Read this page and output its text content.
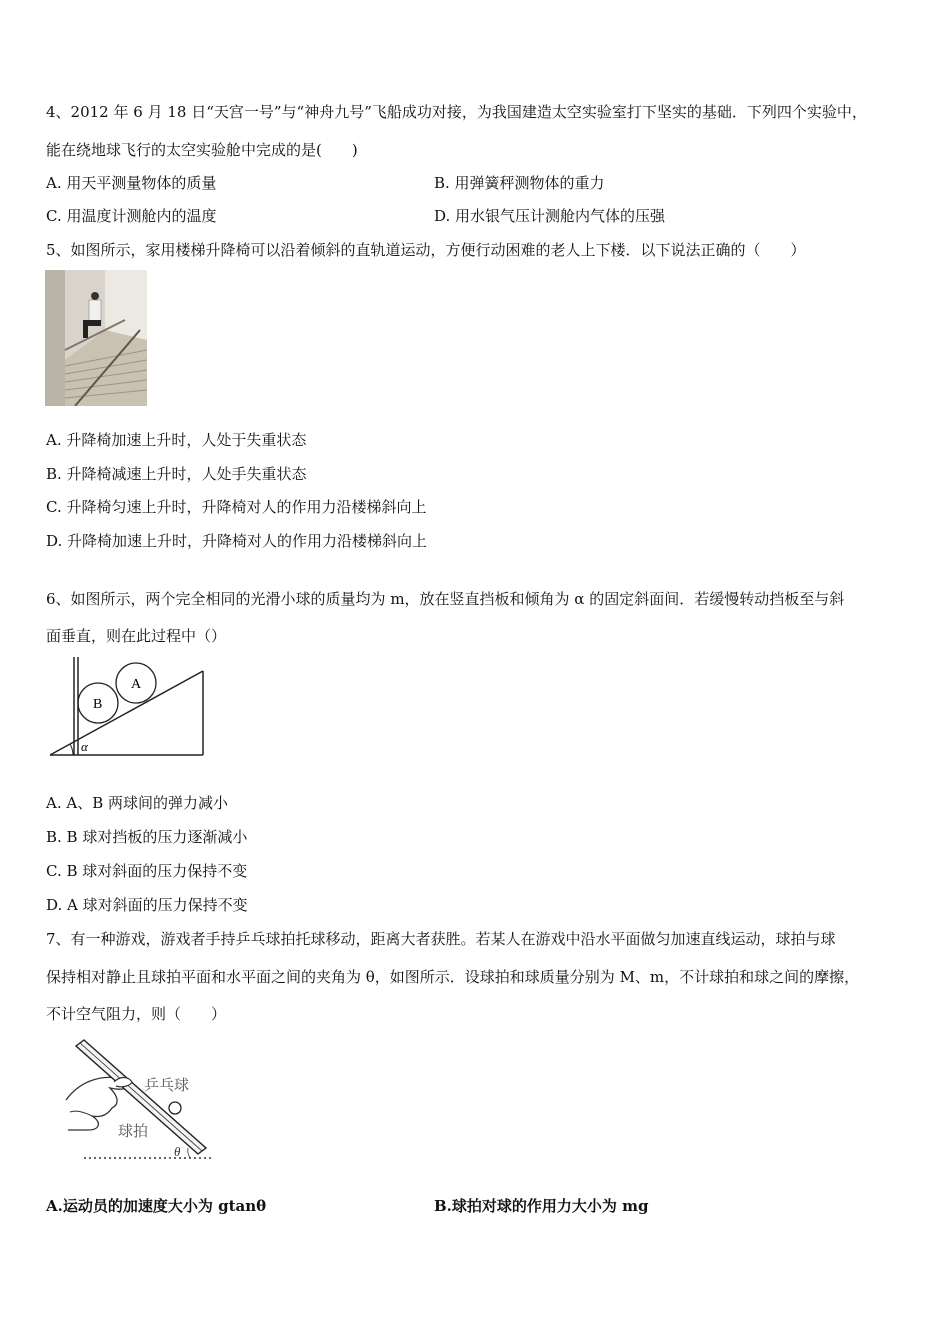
4、2012 年 6 月 18 日“天宫一号”与“神舟九号”飞船成功对接，为我国建造太空实验室打下坚实的基础．下列四个实验中，
能在绕地球飞行的太空实验舱中完成的是(　　)
A. 用天平测量物体的质量	B. 用弹簧秤测物体的重力
C. 用温度计测舱内的温度	D. 用水银气压计测舱内气体的压强
5、如图所示，家用楼梯升降椅可以沿着倾斜的直轨道运动，方便行动困难的老人上下楼．以下说法正确的（　　）
A. 升降椅加速上升时，人处于失重状态
B. 升降椅减速上升时，人处手失重状态
C. 升降椅匀速上升时，升降椅对人的作用力沿楼梯斜向上
D. 升降椅加速上升时，升降椅对人的作用力沿楼梯斜向上
6、如图所示，两个完全相同的光滑小球的质量均为 m，放在竖直挡板和倾角为 α 的固定斜面间．若缓慢转动挡板至与斜
面垂直，则在此过程中（）
B
A
α
A. A、B 两球间的弹力减小
B. B 球对挡板的压力逐渐减小
C. B 球对斜面的压力保持不变
D. A 球对斜面的压力保持不变
7、有一种游戏，游戏者手持乒乓球拍托球移动，距离大者获胜。若某人在游戏中沿水平面做匀加速直线运动，球拍与球
保持相对静止且球拍平面和水平面之间的夹角为 θ，如图所示．设球拍和球质量分别为 M、m，不计球拍和球之间的摩擦，
不计空气阻力，则（　　）
乒乓球
球拍
θ
A.运动员的加速度大小为 gtanθ	B.球拍对球的作用力大小为 mg
